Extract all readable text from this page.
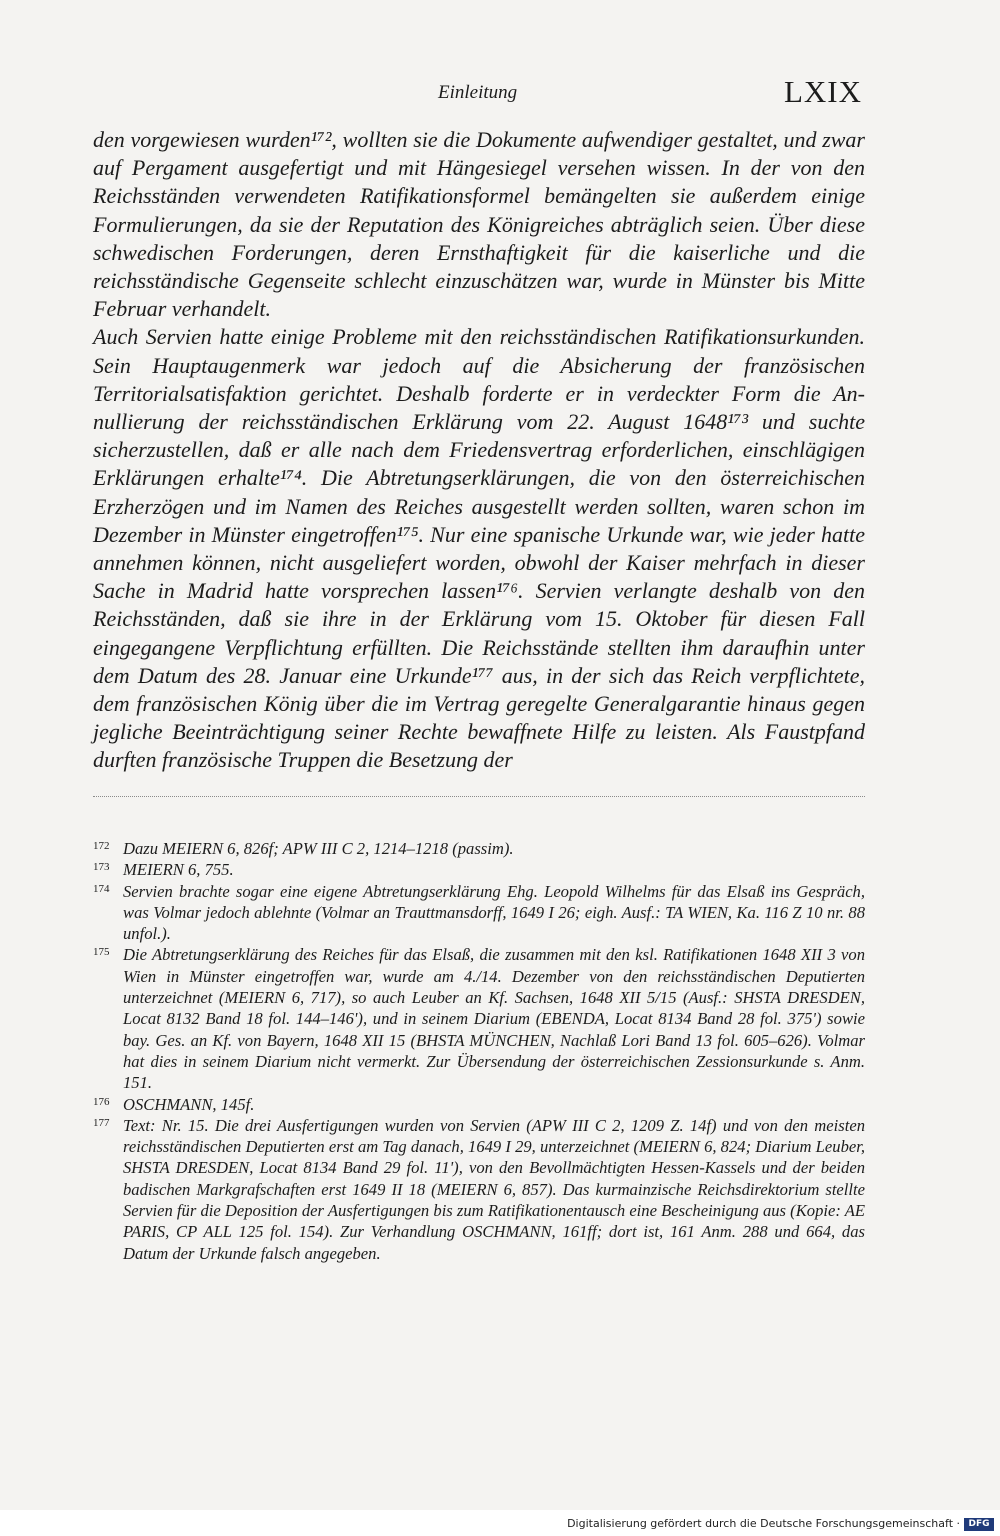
Einleitung	LXIX

den vorgewiesen wurden¹⁷², wollten sie die Dokumente aufwendiger gestaltet, und zwar auf Pergament ausgefertigt und mit Hängesiegel versehen wissen. In der von den Reichsständen verwendeten Ratifikationsformel bemängelten sie außerdem einige Formulierungen, da sie der Reputation des Königreiches abträglich seien. Über diese schwedischen Forderungen, deren Ernsthaftigkeit für die kaiserliche und die reichsständische Gegenseite schlecht einzuschätzen war, wurde in Münster bis Mitte Februar verhandelt.

Auch Servien hatte einige Probleme mit den reichsständischen Ratifikationsurkunden. Sein Hauptaugenmerk war jedoch auf die Absicherung der französischen Territorialsatisfaktion gerichtet. Deshalb forderte er in verdeckter Form die Annullierung der reichsständischen Erklärung vom 22. August 1648¹⁷³ und suchte sicherzustellen, daß er alle nach dem Friedensvertrag erforderlichen, einschlägigen Erklärungen erhalte¹⁷⁴. Die Abtretungserklärungen, die von den österreichischen Erzherzögen und im Namen des Reiches ausgestellt werden sollten, waren schon im Dezember in Münster eingetroffen¹⁷⁵. Nur eine spanische Urkunde war, wie jeder hatte annehmen können, nicht ausgeliefert worden, obwohl der Kaiser mehrfach in dieser Sache in Madrid hatte vorsprechen lassen¹⁷⁶. Servien verlangte deshalb von den Reichsständen, daß sie ihre in der Erklärung vom 15. Oktober für diesen Fall eingegangene Verpflichtung erfüllten. Die Reichsstände stellten ihm daraufhin unter dem Datum des 28. Januar eine Urkunde¹⁷⁷ aus, in der sich das Reich verpflichtete, dem französischen König über die im Vertrag geregelte Generalgarantie hinaus gegen jegliche Beeinträchtigung seiner Rechte bewaffnete Hilfe zu leisten. Als Faustpfand durften französische Truppen die Besetzung der

172 Dazu MEIERN 6, 826f; APW III C 2, 1214–1218 (passim).
173 MEIERN 6, 755.
174 Servien brachte sogar eine eigene Abtretungserklärung Ehg. Leopold Wilhelms für das Elsaß ins Gespräch, was Volmar jedoch ablehnte (Volmar an Trauttmansdorff, 1649 I 26; eigh. Ausf.: TA WIEN, Ka. 116 Z 10 nr. 88 unfol.).
175 Die Abtretungserklärung des Reiches für das Elsaß, die zusammen mit den ksl. Ratifikationen 1648 XII 3 von Wien in Münster eingetroffen war, wurde am 4./14. Dezember von den reichsständischen Deputierten unterzeichnet (MEIERN 6, 717), so auch Leuber an Kf. Sachsen, 1648 XII 5/15 (Ausf.: SHSTA DRESDEN, Locat 8132 Band 18 fol. 144–146'), und in seinem Diarium (EBENDA, Locat 8134 Band 28 fol. 375') sowie bay. Ges. an Kf. von Bayern, 1648 XII 15 (BHSTA MÜNCHEN, Nachlaß Lori Band 13 fol. 605–626). Volmar hat dies in seinem Diarium nicht vermerkt. Zur Übersendung der österreichischen Zessionsurkunde s. Anm. 151.
176 OSCHMANN, 145f.
177 Text: Nr. 15. Die drei Ausfertigungen wurden von Servien (APW III C 2, 1209 Z. 14f) und von den meisten reichsständischen Deputierten erst am Tag danach, 1649 I 29, unterzeichnet (MEIERN 6, 824; Diarium Leuber, SHSTA DRESDEN, Locat 8134 Band 29 fol. 11'), von den Bevollmächtigten Hessen-Kassels und der beiden badischen Markgrafschaften erst 1649 II 18 (MEIERN 6, 857). Das kurmainzische Reichsdirektorium stellte Servien für die Deposition der Ausfertigungen bis zum Ratifikationentausch eine Bescheinigung aus (Kopie: AE PARIS, CP ALL 125 fol. 154). Zur Verhandlung OSCHMANN, 161ff; dort ist, 161 Anm. 288 und 664, das Datum der Urkunde falsch angegeben.
Digitalisierung gefördert durch die Deutsche Forschungsgemeinschaft · DFG
